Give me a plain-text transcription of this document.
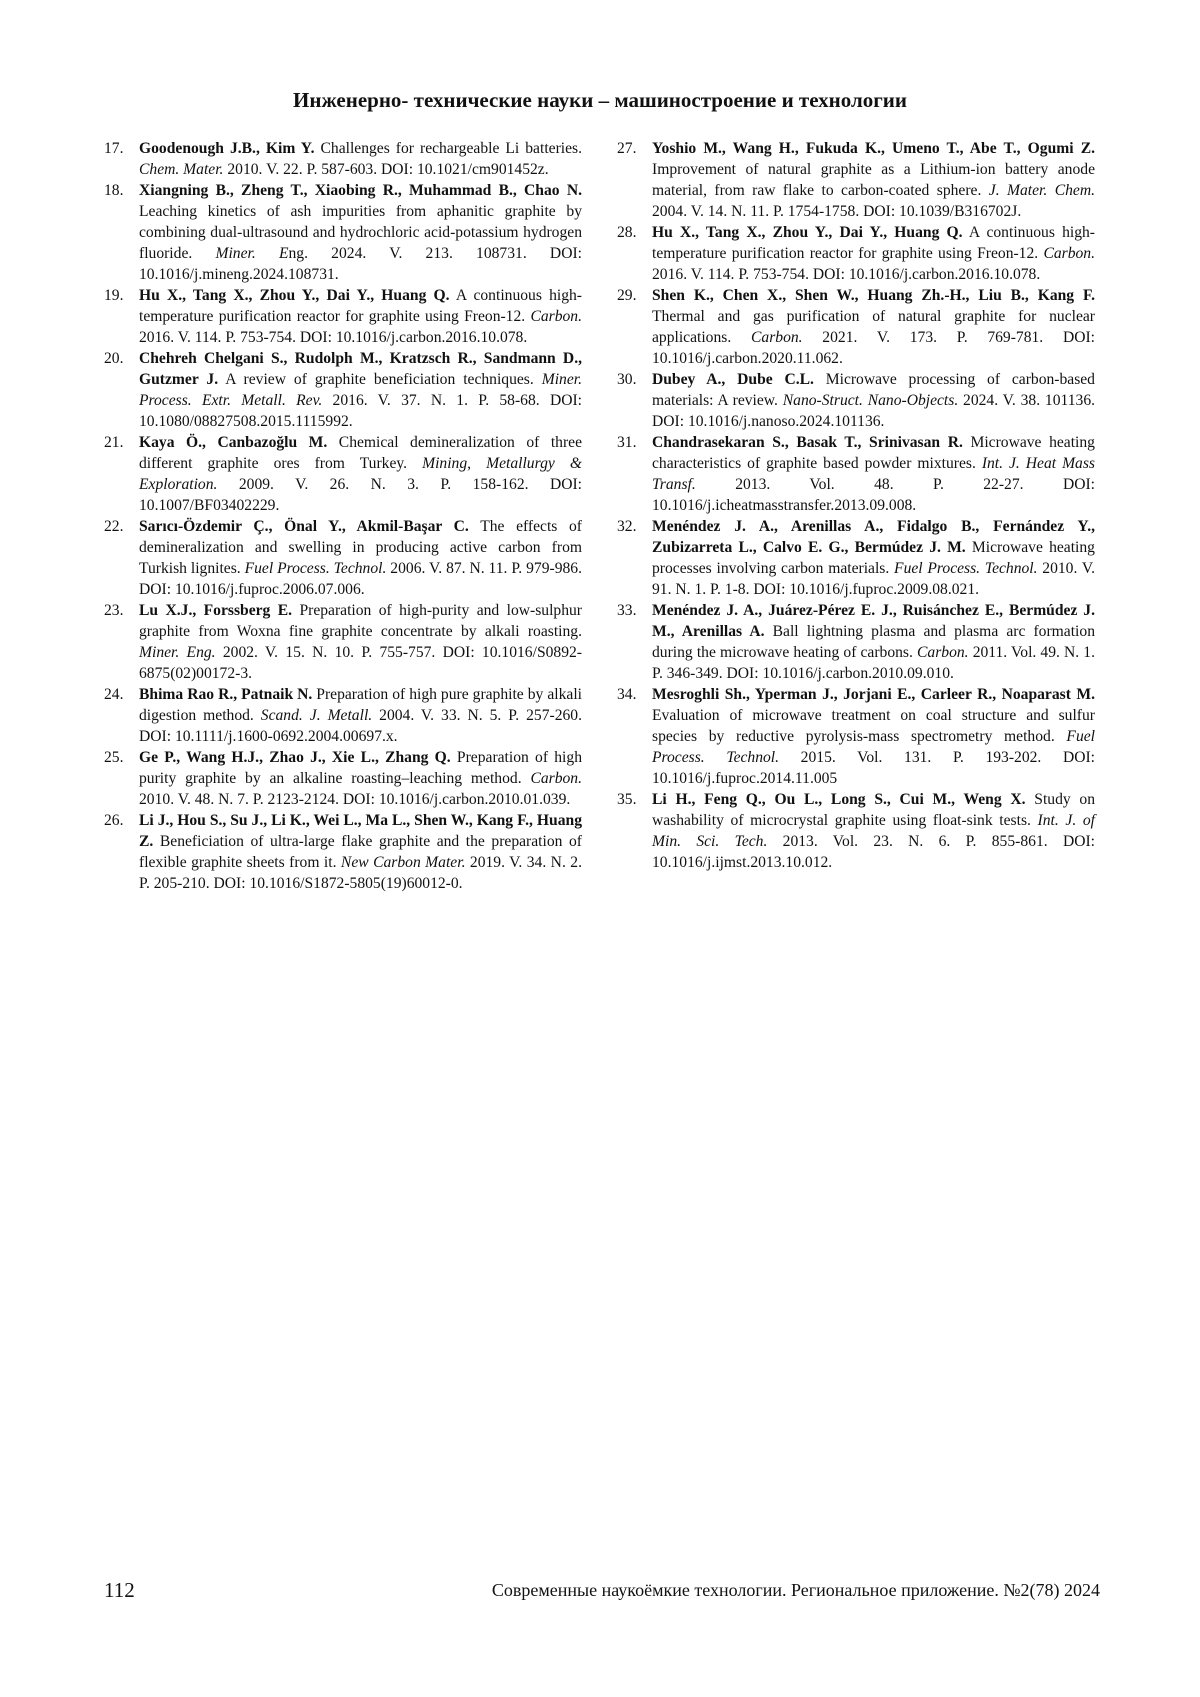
Инженерно- технические науки – машиностроение и технологии
17. Goodenough J.B., Kim Y. Challenges for rechargeable Li batteries. Chem. Mater. 2010. V. 22. P. 587-603. DOI: 10.1021/cm901452z.
18. Xiangning B., Zheng T., Xiaobing R., Muhammad B., Chao N. Leaching kinetics of ash impurities from aphanitic graphite by combining dual-ultrasound and hydrochloric acid-potassium hydrogen fluoride. Miner. Eng. 2024. V. 213. 108731. DOI: 10.1016/j.mineng.2024.108731.
19. Hu X., Tang X., Zhou Y., Dai Y., Huang Q. A continuous high-temperature purification reactor for graphite using Freon-12. Carbon. 2016. V. 114. P. 753-754. DOI: 10.1016/j.carbon.2016.10.078.
20. Chehreh Chelgani S., Rudolph M., Kratzsch R., Sandmann D., Gutzmer J. A review of graphite beneficiation techniques. Miner. Process. Extr. Metall. Rev. 2016. V. 37. N. 1. P. 58-68. DOI: 10.1080/08827508.2015.1115992.
21. Kaya Ö., Canbazoğlu M. Chemical demineralization of three different graphite ores from Turkey. Mining, Metallurgy & Exploration. 2009. V. 26. N. 3. P. 158-162. DOI: 10.1007/BF03402229.
22. Sarıcı-Özdemir Ç., Önal Y., Akmil-Başar C. The effects of demineralization and swelling in producing active carbon from Turkish lignites. Fuel Process. Technol. 2006. V. 87. N. 11. P. 979-986. DOI: 10.1016/j.fuproc.2006.07.006.
23. Lu X.J., Forssberg E. Preparation of high-purity and low-sulphur graphite from Woxna fine graphite concentrate by alkali roasting. Miner. Eng. 2002. V. 15. N. 10. P. 755-757. DOI: 10.1016/S0892-6875(02)00172-3.
24. Bhima Rao R., Patnaik N. Preparation of high pure graphite by alkali digestion method. Scand. J. Metall. 2004. V. 33. N. 5. P. 257-260. DOI: 10.1111/j.1600-0692.2004.00697.x.
25. Ge P., Wang H.J., Zhao J., Xie L., Zhang Q. Preparation of high purity graphite by an alkaline roasting–leaching method. Carbon. 2010. V. 48. N. 7. P. 2123-2124. DOI: 10.1016/j.carbon.2010.01.039.
26. Li J., Hou S., Su J., Li K., Wei L., Ma L., Shen W., Kang F., Huang Z. Beneficiation of ultra-large flake graphite and the preparation of flexible graphite sheets from it. New Carbon Mater. 2019. V. 34. N. 2. P. 205-210. DOI: 10.1016/S1872-5805(19)60012-0.
27. Yoshio M., Wang H., Fukuda K., Umeno T., Abe T., Ogumi Z. Improvement of natural graphite as a Lithium-ion battery anode material, from raw flake to carbon-coated sphere. J. Mater. Chem. 2004. V. 14. N. 11. P. 1754-1758. DOI: 10.1039/B316702J.
28. Hu X., Tang X., Zhou Y., Dai Y., Huang Q. A continuous high-temperature purification reactor for graphite using Freon-12. Carbon. 2016. V. 114. P. 753-754. DOI: 10.1016/j.carbon.2016.10.078.
29. Shen K., Chen X., Shen W., Huang Zh.-H., Liu B., Kang F. Thermal and gas purification of natural graphite for nuclear applications. Carbon. 2021. V. 173. P. 769-781. DOI: 10.1016/j.carbon.2020.11.062.
30. Dubey A., Dube C.L. Microwave processing of carbon-based materials: A review. Nano-Struct. Nano-Objects. 2024. V. 38. 101136. DOI: 10.1016/j.nanoso.2024.101136.
31. Chandrasekaran S., Basak T., Srinivasan R. Microwave heating characteristics of graphite based powder mixtures. Int. J. Heat Mass Transf. 2013. Vol. 48. P. 22-27. DOI: 10.1016/j.icheatmasstransfer.2013.09.008.
32. Menéndez J. A., Arenillas A., Fidalgo B., Fernández Y., Zubizarreta L., Calvo E. G., Bermúdez J. M. Microwave heating processes involving carbon materials. Fuel Process. Technol. 2010. V. 91. N. 1. P. 1-8. DOI: 10.1016/j.fuproc.2009.08.021.
33. Menéndez J. A., Juárez-Pérez E. J., Ruisánchez E., Bermúdez J. M., Arenillas A. Ball lightning plasma and plasma arc formation during the microwave heating of carbons. Carbon. 2011. Vol. 49. N. 1. P. 346-349. DOI: 10.1016/j.carbon.2010.09.010.
34. Mesroghli Sh., Yperman J., Jorjani E., Carleer R., Noaparast M. Evaluation of microwave treatment on coal structure and sulfur species by reductive pyrolysis-mass spectrometry method. Fuel Process. Technol. 2015. Vol. 131. P. 193-202. DOI: 10.1016/j.fuproc.2014.11.005
35. Li H., Feng Q., Ou L., Long S., Cui M., Weng X. Study on washability of microcrystal graphite using float-sink tests. Int. J. of Min. Sci. Tech. 2013. Vol. 23. N. 6. P. 855-861. DOI: 10.1016/j.ijmst.2013.10.012.
112	Современные наукоёмкие технологии. Региональное приложение. №2(78) 2024
